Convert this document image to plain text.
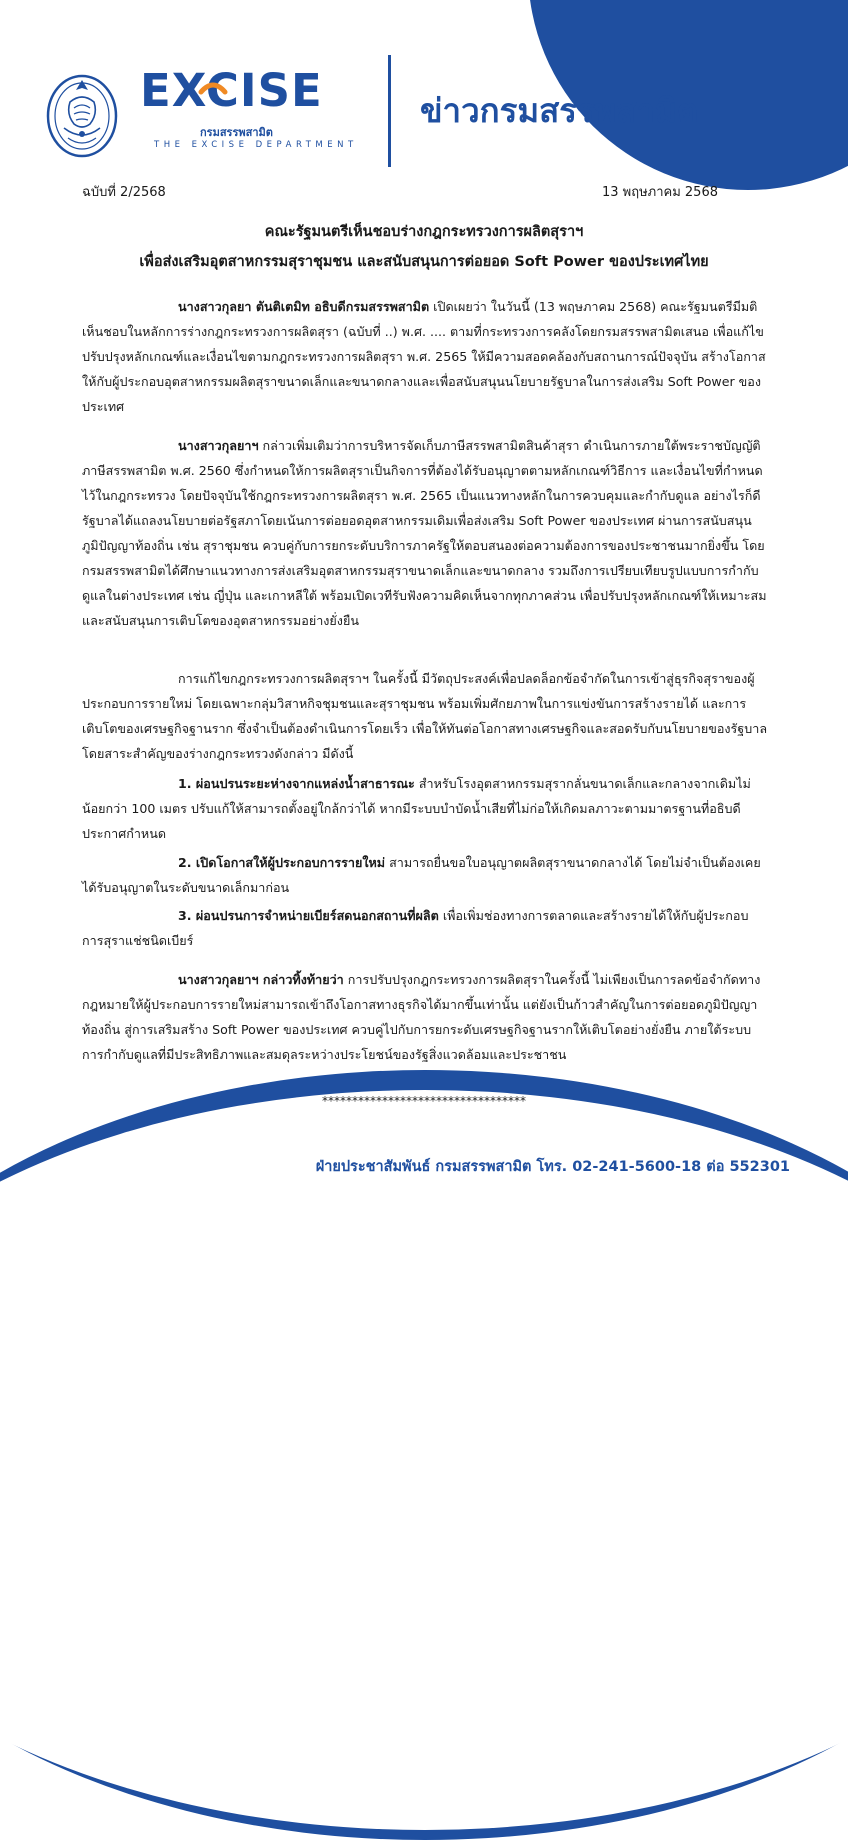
EXCISE
กรมสรรพสามิต
THE EXCISE DEPARTMENT
ข่าวกรมสรรพสามิต
ฉบับที่ 2/2568	13 พฤษภาคม 2568
คณะรัฐมนตรีเห็นชอบร่างกฎกระทรวงการผลิตสุราฯ
เพื่อส่งเสริมอุตสาหกรรมสุราชุมชน และสนับสนุนการต่อยอด Soft Power ของประเทศไทย
นางสาวกุลยา ตันติเตมิท อธิบดีกรมสรรพสามิต เปิดเผยว่า ในวันนี้ (13 พฤษภาคม 2568) คณะรัฐมนตรีมีมติเห็นชอบในหลักการร่างกฎกระทรวงการผลิตสุรา (ฉบับที่ ..) พ.ศ. .... ตามที่กระทรวงการคลังโดยกรมสรรพสามิตเสนอ เพื่อแก้ไขปรับปรุงหลักเกณฑ์และเงื่อนไขตามกฎกระทรวงการผลิตสุรา พ.ศ. 2565 ให้มีความสอดคล้องกับสถานการณ์ปัจจุบัน สร้างโอกาสให้กับผู้ประกอบอุตสาหกรรมผลิตสุราขนาดเล็กและขนาดกลางและเพื่อสนับสนุนนโยบายรัฐบาลในการส่งเสริม Soft Power ของประเทศ
นางสาวกุลยาฯ กล่าวเพิ่มเติมว่าการบริหารจัดเก็บภาษีสรรพสามิตสินค้าสุรา ดำเนินการภายใต้พระราชบัญญัติภาษีสรรพสามิต พ.ศ. 2560 ซึ่งกำหนดให้การผลิตสุราเป็นกิจการที่ต้องได้รับอนุญาตตามหลักเกณฑ์วิธีการ และเงื่อนไขที่กำหนดไว้ในกฎกระทรวง โดยปัจจุบันใช้กฎกระทรวงการผลิตสุรา พ.ศ. 2565 เป็นแนวทางหลักในการควบคุมและกำกับดูแล อย่างไรก็ดี รัฐบาลได้แถลงนโยบายต่อรัฐสภาโดยเน้นการต่อยอดอุตสาหกรรมเดิมเพื่อส่งเสริม Soft Power ของประเทศ ผ่านการสนับสนุนภูมิปัญญาท้องถิ่น เช่น สุราชุมชน ควบคู่กับการยกระดับบริการภาครัฐให้ตอบสนองต่อความต้องการของประชาชนมากยิ่งขึ้น โดยกรมสรรพสามิตได้ศึกษาแนวทางการส่งเสริมอุตสาหกรรมสุราขนาดเล็กและขนาดกลาง รวมถึงการเปรียบเทียบรูปแบบการกำกับดูแลในต่างประเทศ เช่น ญี่ปุ่น และเกาหลีใต้ พร้อมเปิดเวทีรับฟังความคิดเห็นจากทุกภาคส่วน เพื่อปรับปรุงหลักเกณฑ์ให้เหมาะสมและสนับสนุนการเติบโตของอุตสาหกรรมอย่างยั่งยืน
การแก้ไขกฎกระทรวงการผลิตสุราฯ ในครั้งนี้ มีวัตถุประสงค์เพื่อปลดล็อกข้อจำกัดในการเข้าสู่ธุรกิจสุราของผู้ประกอบการรายใหม่ โดยเฉพาะกลุ่มวิสาหกิจชุมชนและสุราชุมชน พร้อมเพิ่มศักยภาพในการแข่งขันการสร้างรายได้ และการเติบโตของเศรษฐกิจฐานราก ซึ่งจำเป็นต้องดำเนินการโดยเร็ว เพื่อให้ทันต่อโอกาสทางเศรษฐกิจและสอดรับกับนโยบายของรัฐบาล โดยสาระสำคัญของร่างกฎกระทรวงดังกล่าว มีดังนี้
1. ผ่อนปรนระยะห่างจากแหล่งน้ำสาธารณะ สำหรับโรงอุตสาหกรรมสุรากลั่นขนาดเล็กและกลางจากเดิมไม่น้อยกว่า 100 เมตร ปรับแก้ให้สามารถตั้งอยู่ใกล้กว่าได้ หากมีระบบบำบัดน้ำเสียที่ไม่ก่อให้เกิดมลภาวะตามมาตรฐานที่อธิบดีประกาศกำหนด
2. เปิดโอกาสให้ผู้ประกอบการรายใหม่ สามารถยื่นขอใบอนุญาตผลิตสุราขนาดกลางได้ โดยไม่จำเป็นต้องเคยได้รับอนุญาตในระดับขนาดเล็กมาก่อน
3. ผ่อนปรนการจำหน่ายเบียร์สดนอกสถานที่ผลิต เพื่อเพิ่มช่องทางการตลาดและสร้างรายได้ให้กับผู้ประกอบการสุราแช่ชนิดเบียร์
นางสาวกุลยาฯ กล่าวทิ้งท้ายว่า การปรับปรุงกฎกระทรวงการผลิตสุราในครั้งนี้ ไม่เพียงเป็นการลดข้อจำกัดทางกฎหมายให้ผู้ประกอบการรายใหม่สามารถเข้าถึงโอกาสทางธุรกิจได้มากขึ้นเท่านั้น แต่ยังเป็นก้าวสำคัญในการต่อยอดภูมิปัญญาท้องถิ่น สู่การเสริมสร้าง Soft Power ของประเทศ ควบคู่ไปกับการยกระดับเศรษฐกิจฐานรากให้เติบโตอย่างยั่งยืน ภายใต้ระบบการกำกับดูแลที่มีประสิทธิภาพและสมดุลระหว่างประโยชน์ของรัฐสิ่งแวดล้อมและประชาชน
**********************************
ฝ่ายประชาสัมพันธ์ กรมสรรพสามิต โทร. 02-241-5600-18 ต่อ 552301
